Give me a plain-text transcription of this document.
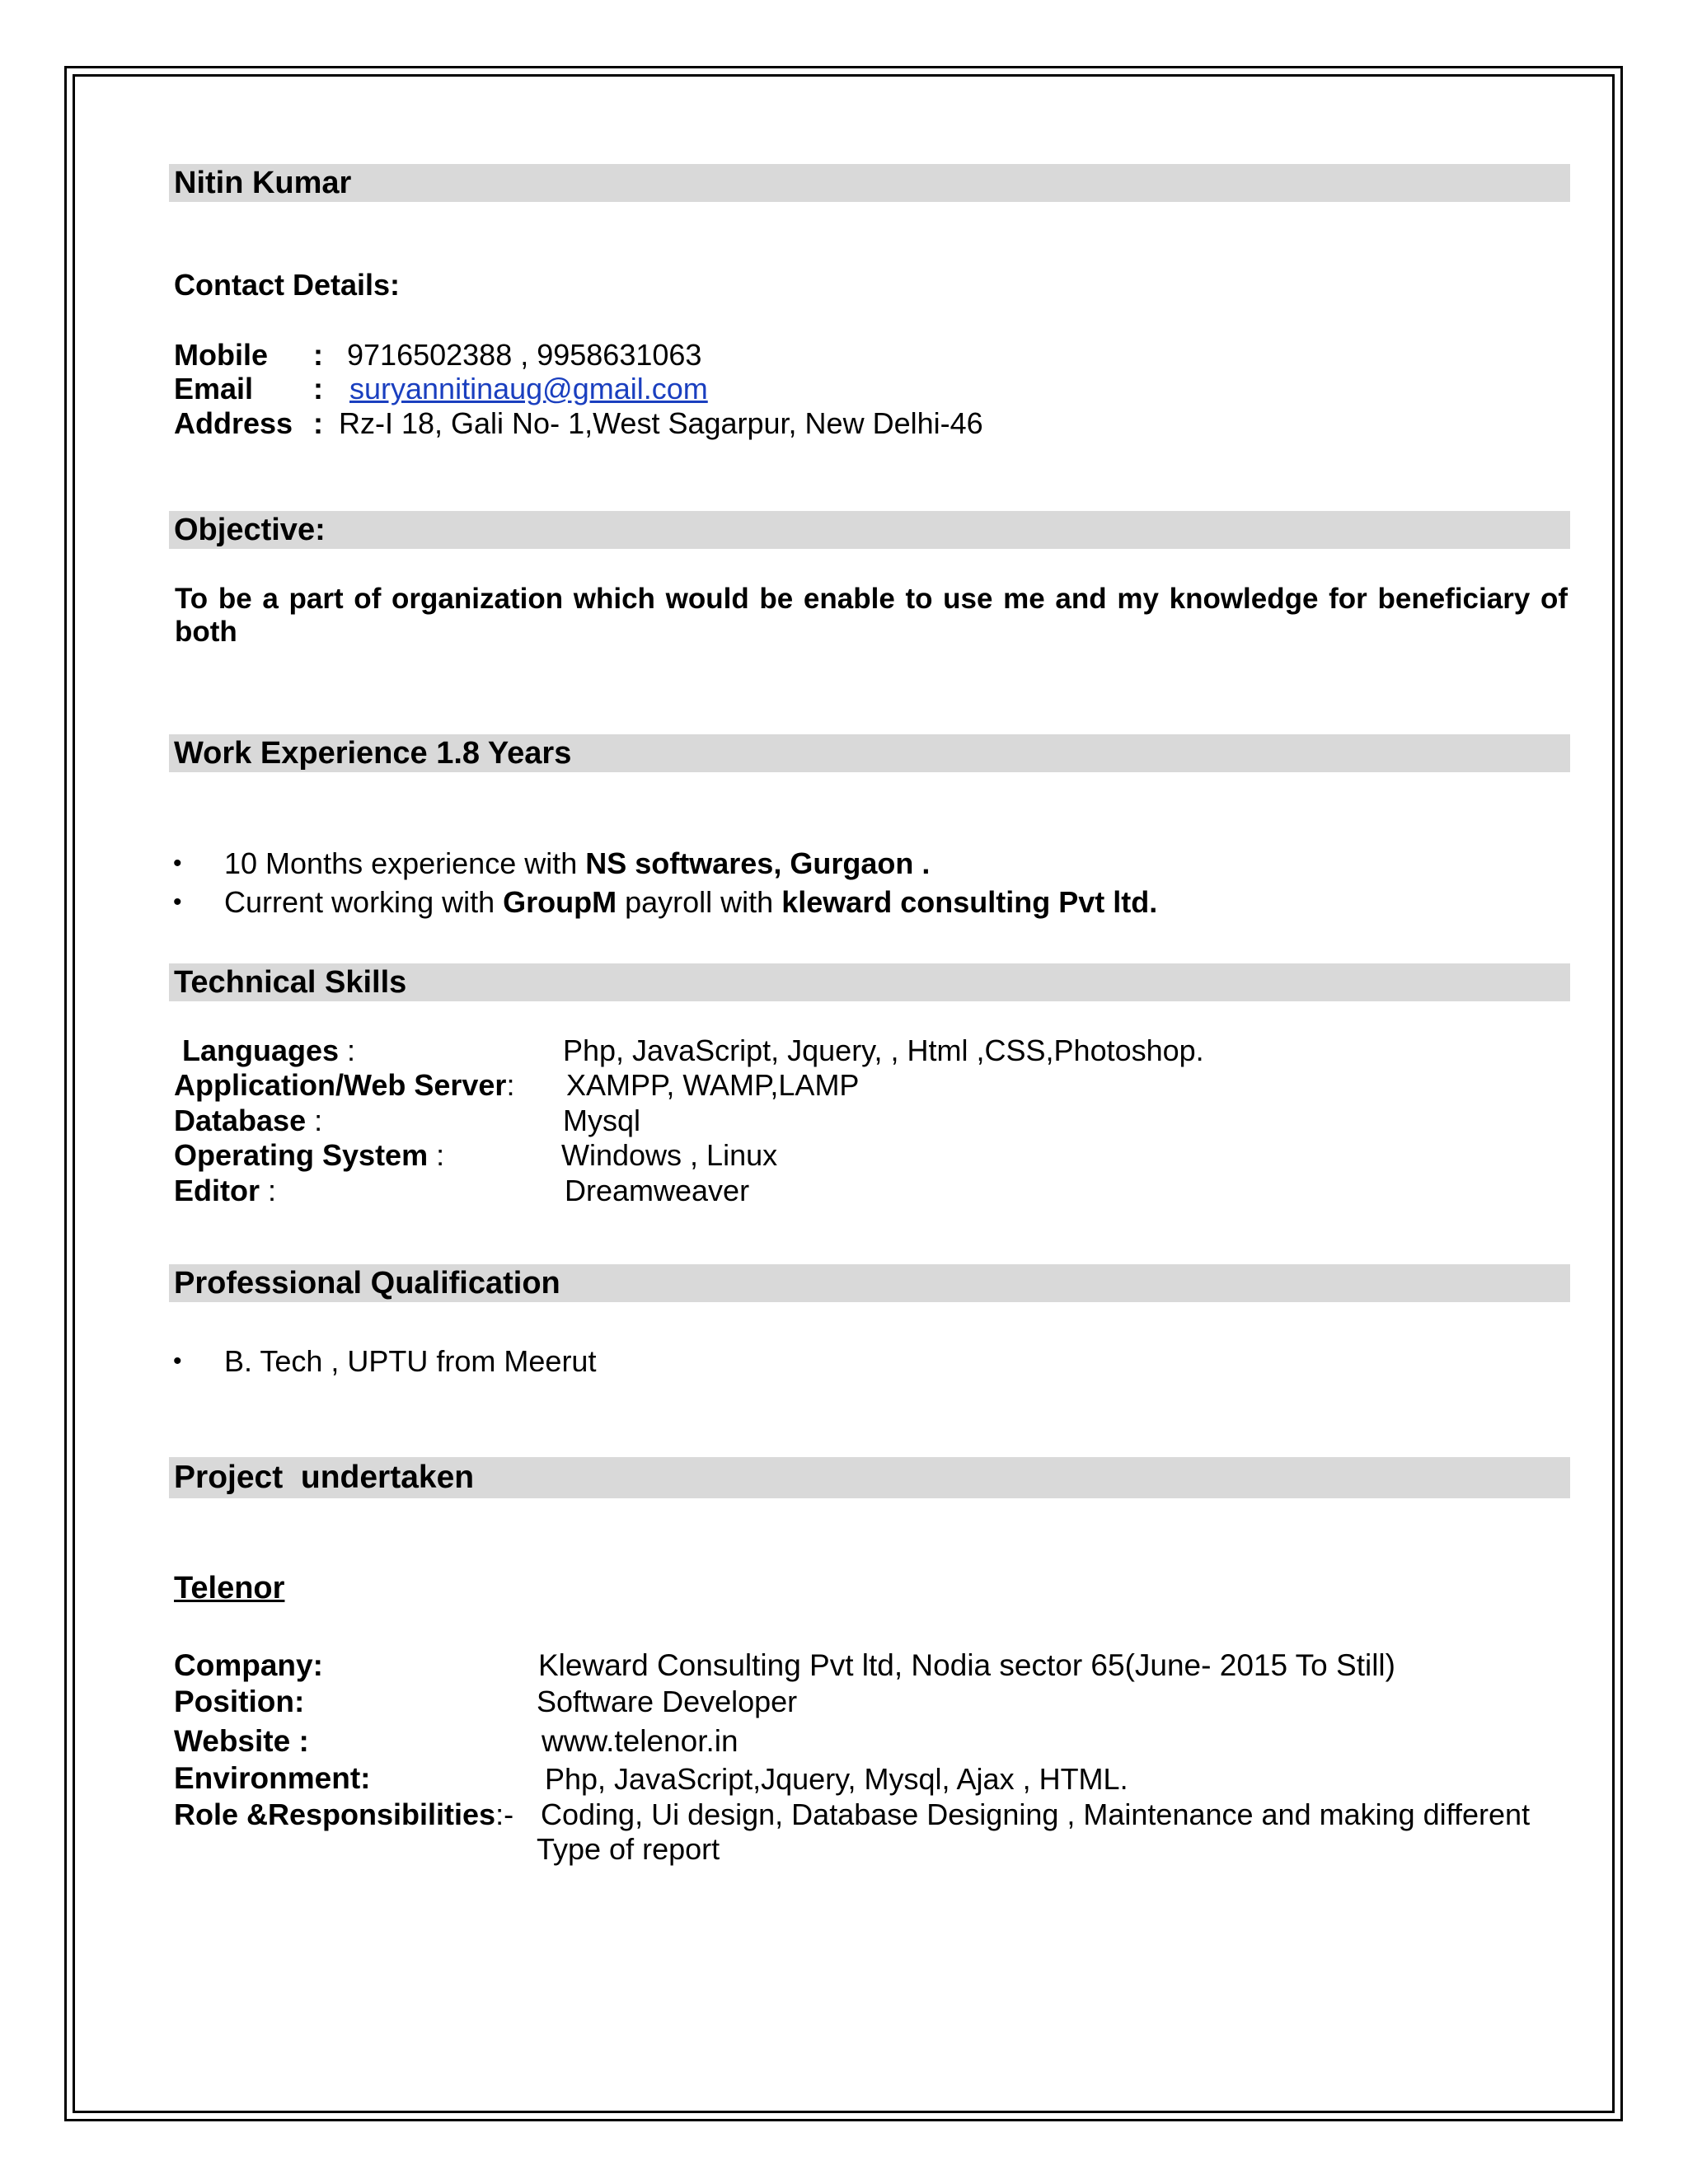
Nitin Kumar
Contact Details:
Mobile : 9716502388 , 9958631063
Email : suryannitinaug@gmail.com
Address : Rz-I 18, Gali No- 1,West Sagarpur, New Delhi-46
Objective:
To be a part of organization which would be enable to use me and my knowledge for beneficiary of both
Work Experience 1.8 Years
• 10 Months experience with NS softwares, Gurgaon .
• Current working with GroupM payroll with kleward consulting Pvt ltd.
Technical Skills
Languages :	Php, JavaScript, Jquery, , Html ,CSS,Photoshop.
Application/Web Server: XAMPP, WAMP,LAMP
Database :	Mysql
Operating System :	Windows , Linux
Editor :	Dreamweaver
Professional Qualification
• B. Tech , UPTU from Meerut
Project  undertaken
Telenor
Company:	Kleward Consulting Pvt ltd, Nodia sector 65(June- 2015 To Still)
Position:	Software Developer
Website :	www.telenor.in
Environment:	Php, JavaScript,Jquery, Mysql, Ajax , HTML.
Role &Responsibilities:- Coding, Ui design, Database Designing , Maintenance and making different
Type of report
